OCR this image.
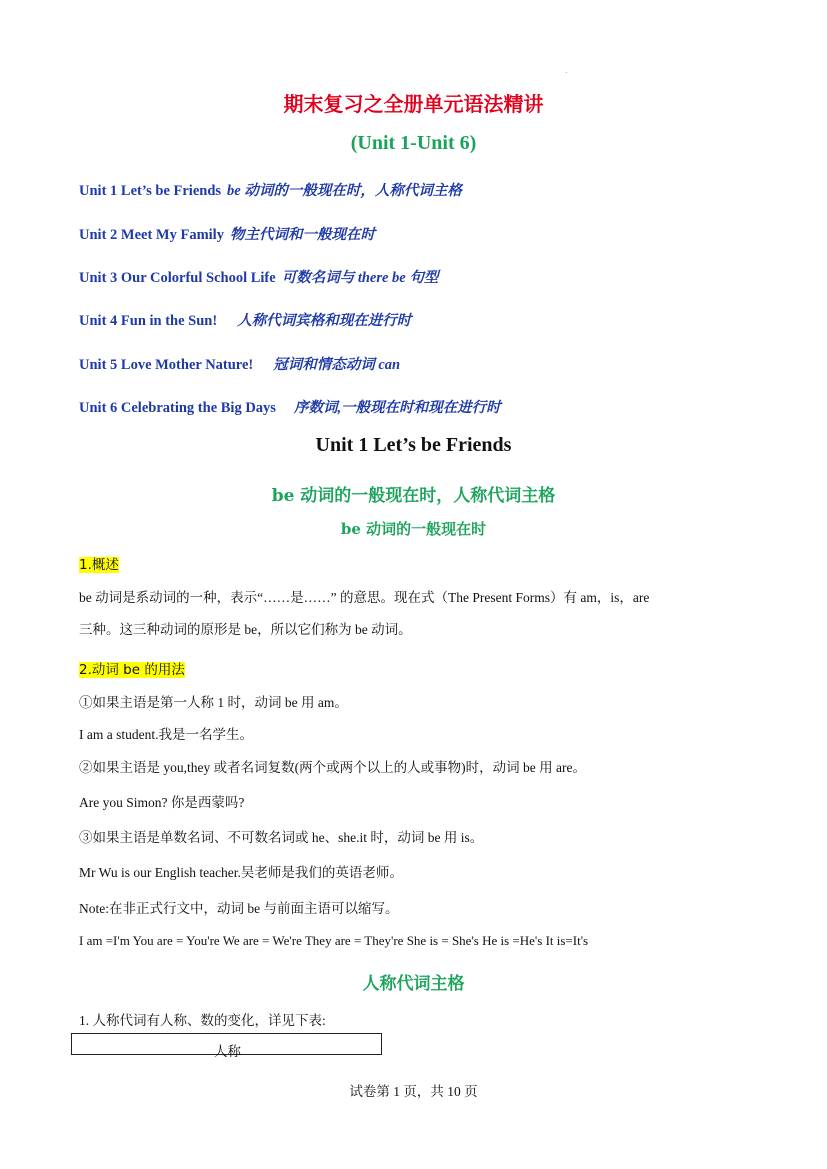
.
期末复习之全册单元语法精讲
(Unit 1-Unit 6)
Unit 1 Let’s be Friends be 动词的一般现在时，人称代词主格
Unit 2 Meet My Family 物主代词和一般现在时
Unit 3 Our Colorful School Life 可数名词与 there be 句型
Unit 4 Fun in the Sun! 人称代词宾格和现在进行时
Unit 5 Love Mother Nature! 冠词和情态动词 can
Unit 6 Celebrating the Big Days 序数词,一般现在时和现在进行时
Unit 1 Let’s be Friends
be 动词的一般现在时，人称代词主格
be 动词的一般现在时
1.概述
be 动词是系动词的一种，表示“……是……” 的意思。现在式（The Present Forms）有 am，is，are
三种。这三种动词的原形是 be，所以它们称为 be 动词。
2.动词 be 的用法
①如果主语是第一人称 1 时，动词 be 用 am。
I am a student.我是一名学生。
②如果主语是 you,they 或者名词复数(两个或两个以上的人或事物)时，动词 be 用 are。
Are you Simon? 你是西蒙吗?
③如果主语是单数名词、不可数名词或 he、she.it 时，动词 be 用 is。
Mr Wu is our English teacher.吴老师是我们的英语老师。
Note:在非正式行文中，动词 be 与前面主语可以缩写。
I am =I'm You are = You're We are = We're They are = They're She is = She's He is =He's It is=It's
人称代词主格
1. 人称代词有人称、数的变化，详见下表:
人称
试卷第 1 页，共 10 页
